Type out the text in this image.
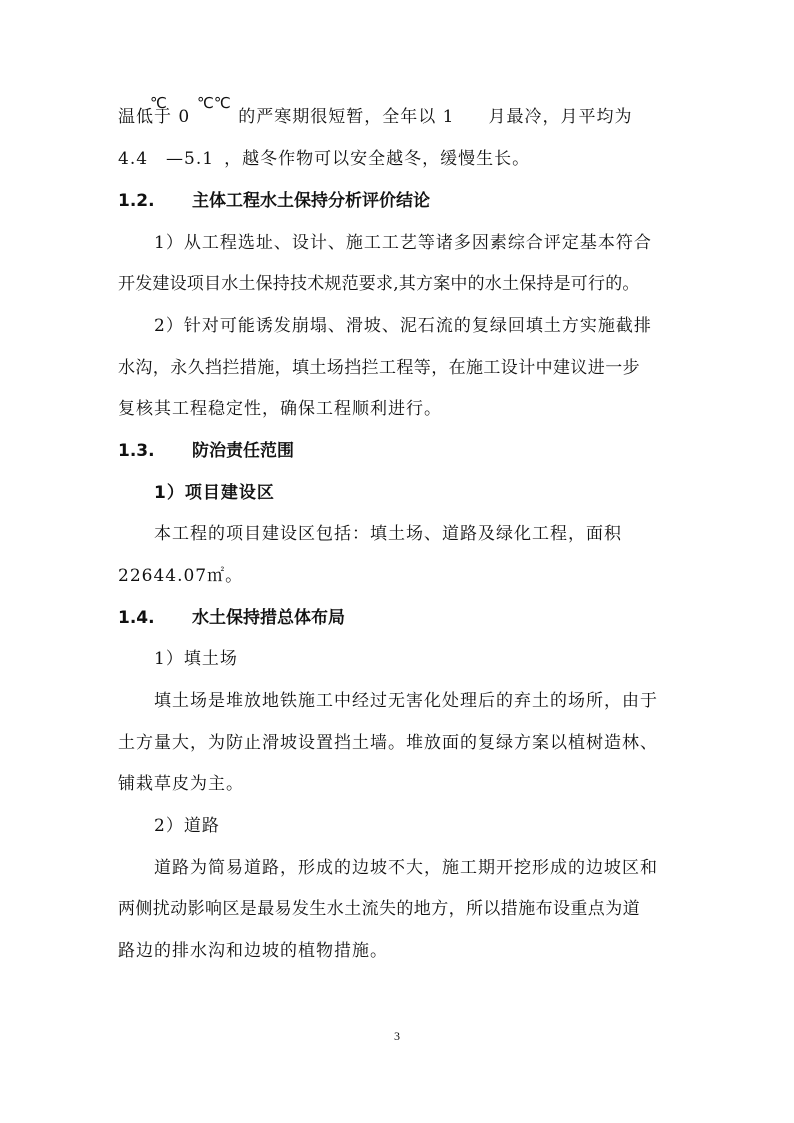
℃ ℃℃
温低于 0	的严寒期很短暂，全年以 1 月最冷，月平均为
4.4 —5.1 ，越冬作物可以安全越冬，缓慢生长。
1.2. 主体工程水土保持分析评价结论
1）从工程选址、设计、施工工艺等诸多因素综合评定基本符合
开发建设项目水土保持技术规范要求,其方案中的水土保持是可行的。
2）针对可能诱发崩塌、滑坡、泥石流的复绿回填土方实施截排
水沟，永久挡拦措施，填土场挡拦工程等，在施工设计中建议进一步
复核其工程稳定性，确保工程顺利进行。
1.3. 防治责任范围
1）项目建设区
本工程的项目建设区包括：填土场、道路及绿化工程，面积
22644.07㎡。
1.4. 水土保持措总体布局
1）填土场
填土场是堆放地铁施工中经过无害化处理后的弃土的场所，由于
土方量大，为防止滑坡设置挡土墙。堆放面的复绿方案以植树造林、
铺栽草皮为主。
2）道路
道路为简易道路，形成的边坡不大，施工期开挖形成的边坡区和
两侧扰动影响区是最易发生水土流失的地方，所以措施布设重点为道
路边的排水沟和边坡的植物措施。
3
